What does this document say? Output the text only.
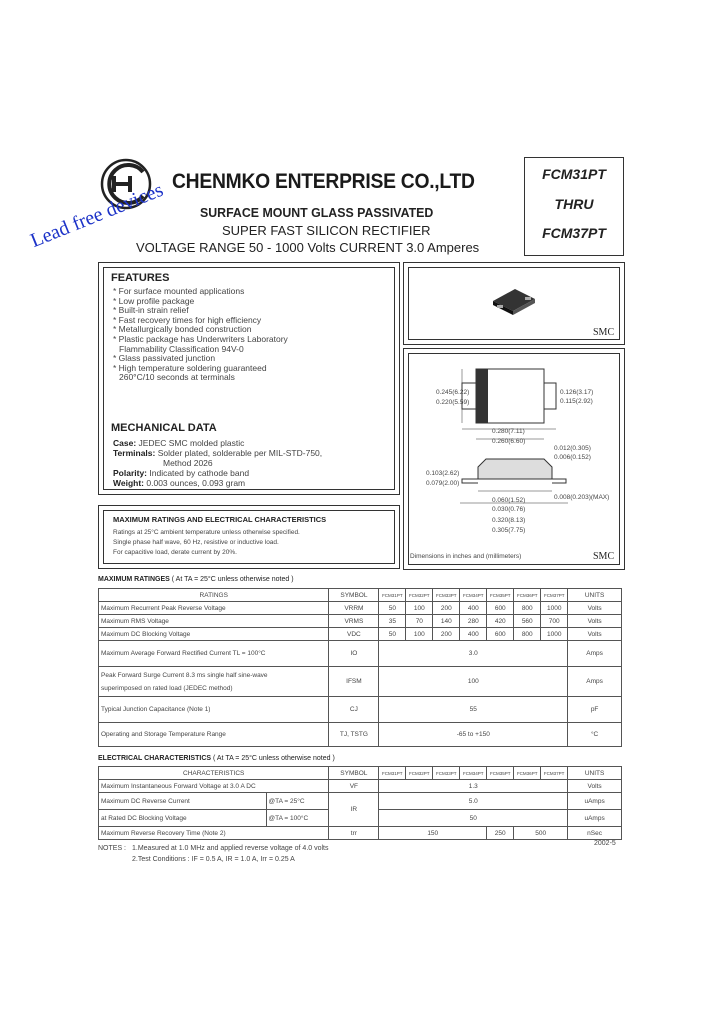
CHENMKO ENTERPRISE CO.,LTD
Lead free devices	SURFACE MOUNT GLASS PASSIVATED
SUPER FAST SILICON RECTIFIER
VOLTAGE RANGE 50 - 1000 Volts CURRENT 3.0 Amperes
FCM31PT
THRU
FCM37PT
FEATURES
* For surface mounted applications
* Low profile package
* Built-in strain relief
* Fast recovery times for high efficiency
* Metallurgically bonded construction
* Plastic package has Underwriters Laboratory
Flammability Classification 94V-0
* Glass passivated junction
* High temperature soldering guaranteed
260°C/10 seconds at terminals
MECHANICAL DATA
Case: JEDEC SMC molded plastic
Terminals: Solder plated, solderable per MIL-STD-750,
Method 2026
Polarity: Indicated by cathode band
Weight: 0.003 ounces, 0.093 gram
SMC
0.245(6.22)
0.220(5.59)
0.126(3.17)
0.115(2.92)
0.280(7.11)
0.260(6.60)
0.012(0.305)
0.006(0.152)
0.103(2.62)
0.079(2.00)
0.060(1.52)
0.030(0.76)
0.008(0.203)(MAX)
0.320(8.13)
0.305(7.75)
Dimensions in inches and (millimeters)	SMC
MAXIMUM RATINGS AND ELECTRICAL CHARACTERISTICS
Ratings at 25°C ambient temperature unless otherwise specified.
Single phase half wave, 60 Hz, resistive or inductive load.
For capacitive load, derate current by 20%.
MAXIMUM RATINGES ( At TA = 25°C unless otherwise noted )
RATINGS	SYMBOL	FCM31PT	FCM32PT	FCM33PT	FCM34PT	FCM35PT	FCM36PT	FCM37PT	UNITS
Maximum Recurrent Peak Reverse Voltage	VRRM	50	100	200	400	600	800	1000	Volts
Maximum RMS Voltage	VRMS	35	70	140	280	420	560	700	Volts
Maximum DC Blocking Voltage	VDC	50	100	200	400	600	800	1000	Volts
Maximum Average Forward Rectified Current TL = 100°C	IO	3.0							Amps

Peak Forward Surge Current 8.3 ms single half sine-wave
superimposed on rated load (JEDEC method)	IFSM	100							Amps
Typical Junction Capacitance (Note 1)	CJ	55							pF
Operating and Storage Temperature Range	TJ, TSTG	-65 to +150							°C
ELECTRICAL CHARACTERISTICS ( At TA = 25°C unless otherwise noted )
CHARACTERISTICS		SYMBOL	FCM31PT	FCM32PT	FCM33PT	FCM34PT	FCM35PT	FCM36PT	FCM37PT	UNITS
Maximum Instantaneous Forward Voltage at 3.0 A DC		VF	1.3							Volts
Maximum DC Reverse Current	@TA = 25°C	IR	5.0							uAmps
at Rated DC Blocking Voltage	@TA = 100°C		50							uAmps
Maximum Reverse Recovery Time (Note 2)		trr	150				250	500		nSec
NOTES : 1.Measured at 1.0 MHz and applied reverse voltage of 4.0 volts
2.Test Conditions : IF = 0.5 A, IR = 1.0 A, Irr = 0.25 A
2002-5
